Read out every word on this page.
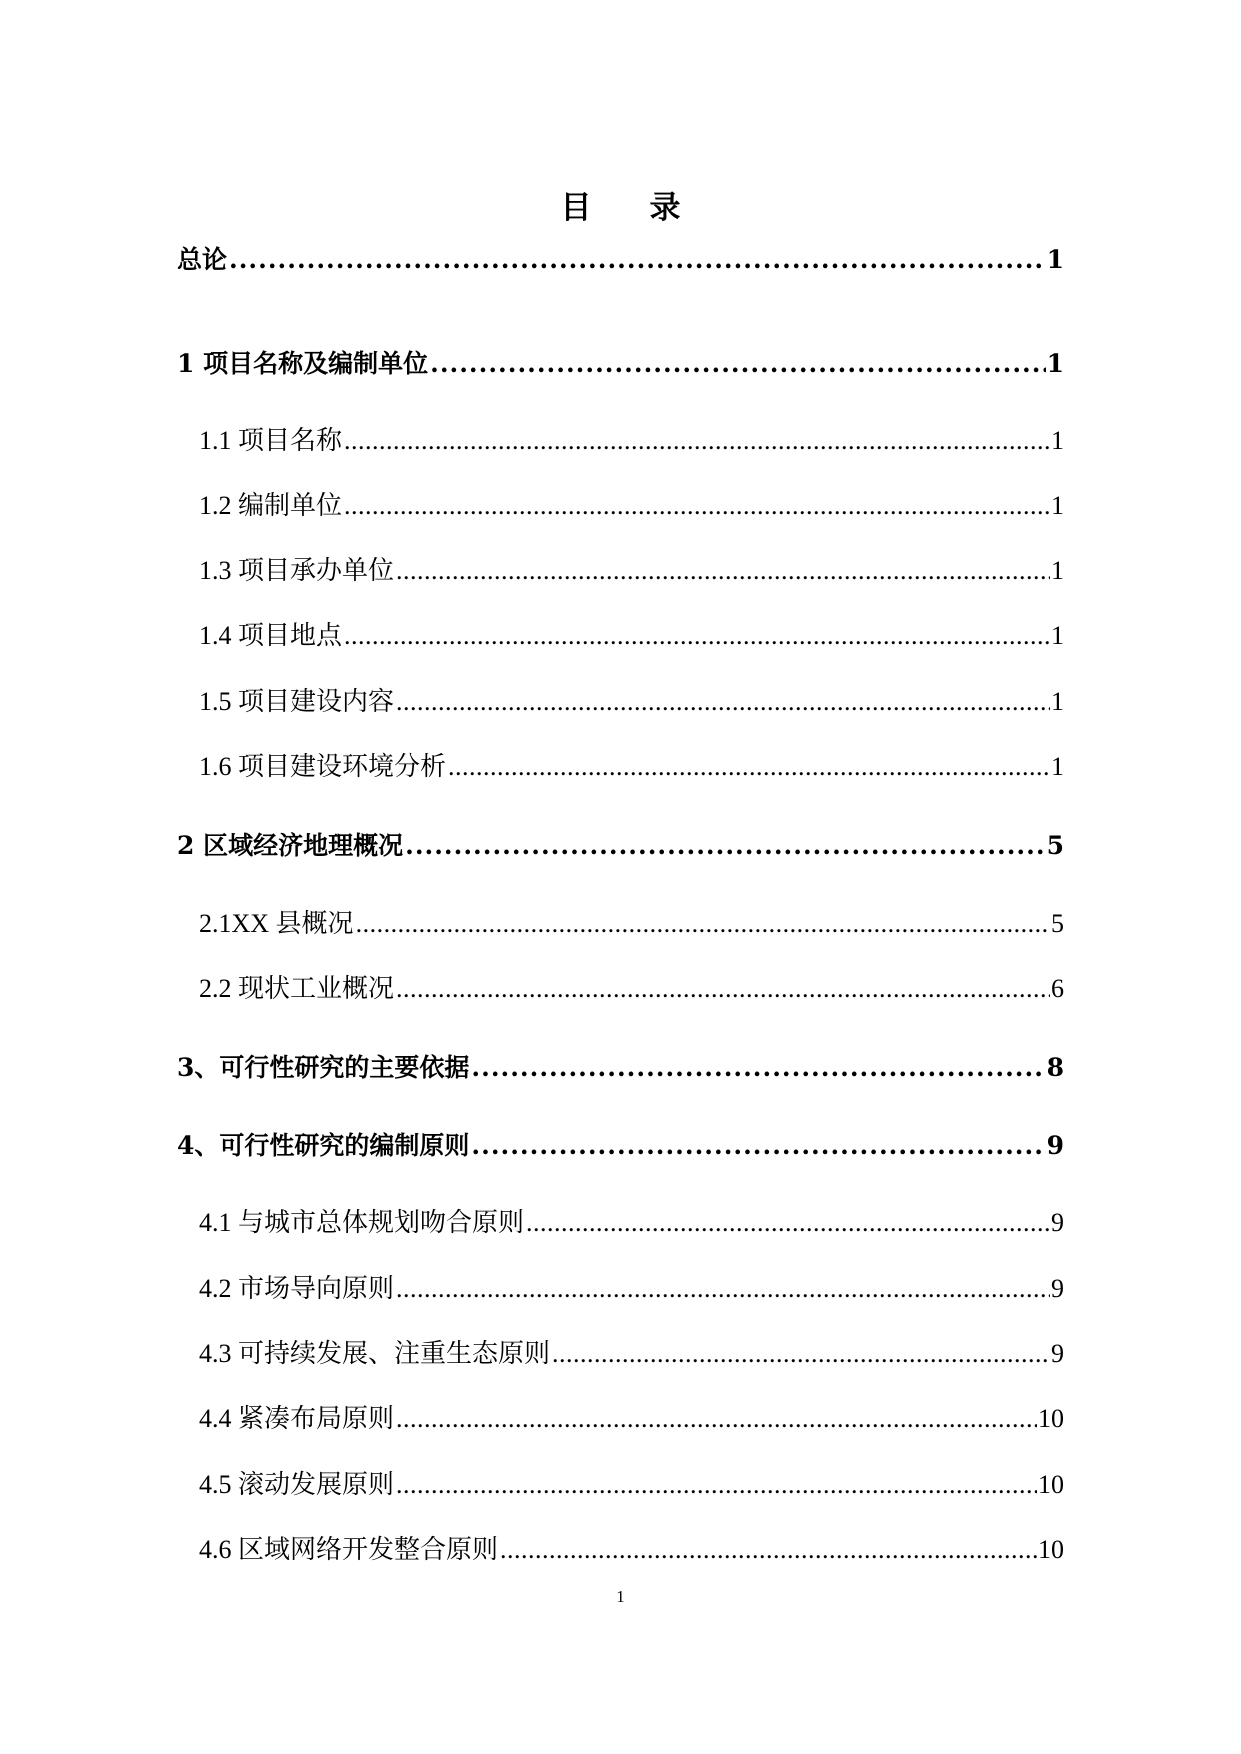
目 录
总论 .....	1
1 项目名称及编制单位 .....	1
1.1 项目名称 .....	1
1.2 编制单位 .....	1
1.3 项目承办单位 .....	1
1.4 项目地点 .....	1
1.5 项目建设内容 .....	1
1.6 项目建设环境分析 .....	1
2 区域经济地理概况 .....	5
2.1XX 县概况 .....	5
2.2 现状工业概况 .....	6
3、可行性研究的主要依据 .....	8
4、可行性研究的编制原则 .....	9
4.1 与城市总体规划吻合原则 .....	9
4.2 市场导向原则 .....	9
4.3 可持续发展、注重生态原则 .....	9
4.4 紧凑布局原则 .....	10
4.5 滚动发展原则 .....	10
4.6 区域网络开发整合原则 .....	10
1
